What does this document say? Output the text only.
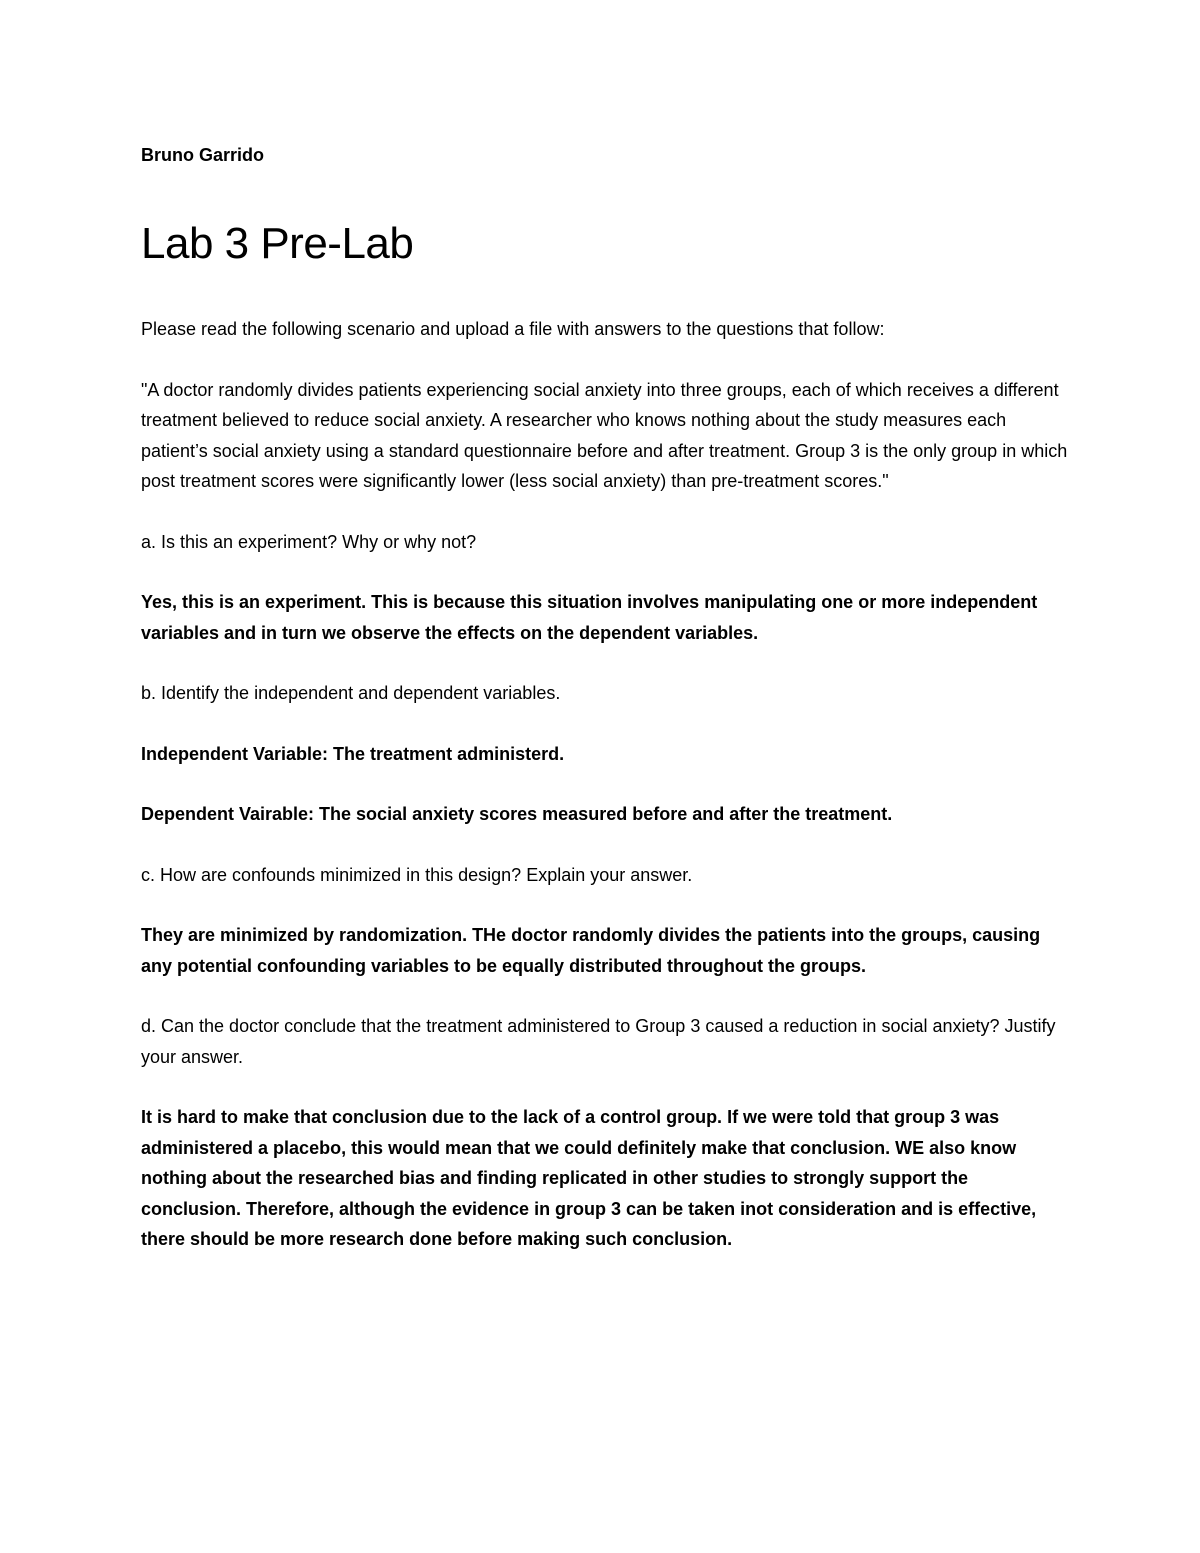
Bruno Garrido

Lab 3 Pre-Lab

Please read the following scenario and upload a file with answers to the questions that follow:

"A doctor randomly divides patients experiencing social anxiety into three groups, each of which receives a different treatment believed to reduce social anxiety. A researcher who knows nothing about the study measures each patient’s social anxiety using a standard questionnaire before and after treatment. Group 3 is the only group in which post treatment scores were significantly lower (less social anxiety) than pre-treatment scores."

a. Is this an experiment? Why or why not?

Yes, this is an experiment. This is because this situation involves manipulating one or more independent variables and in turn we observe the effects on the dependent variables.

b. Identify the independent and dependent variables.

Independent Variable: The treatment administerd.

Dependent Vairable: The social anxiety scores measured before and after the treatment.

c. How are confounds minimized in this design? Explain your answer.

They are minimized by randomization. THe doctor randomly divides the patients into the groups, causing any potential confounding variables to be equally distributed throughout the groups.

d. Can the doctor conclude that the treatment administered to Group 3 caused a reduction in social anxiety? Justify your answer.

It is hard to make that conclusion due to the lack of a control group. If we were told that group 3 was administered a placebo, this would mean that we could definitely make that conclusion. WE also know nothing about the researched bias and finding replicated in other studies to strongly support the conclusion. Therefore, although the evidence in group 3 can be taken inot consideration and is effective, there should be more research done before making such conclusion.
